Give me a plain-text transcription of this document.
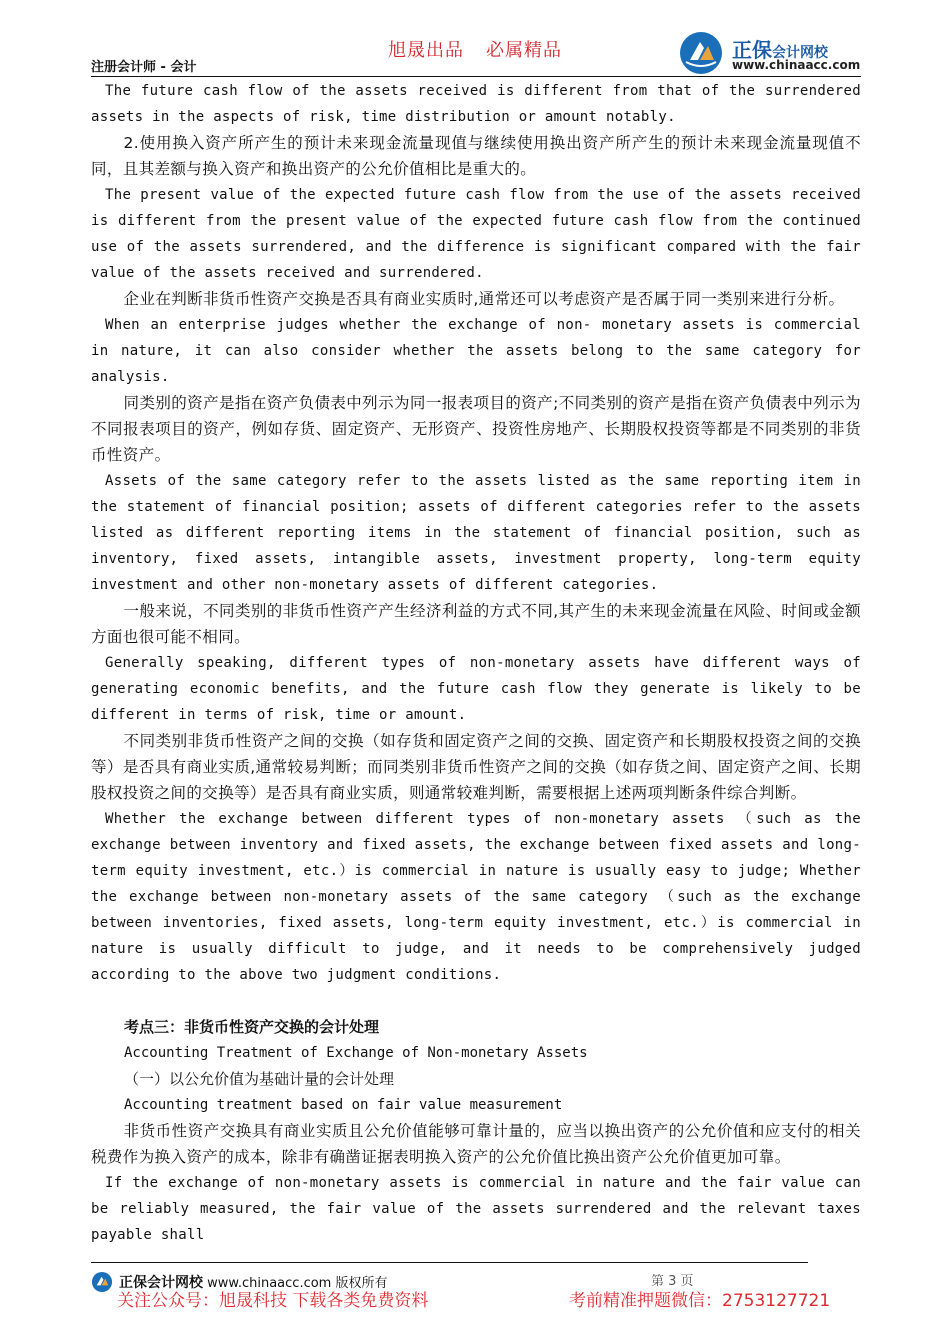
旭晟出品 必属精品
注册会计师 - 会计
正保会计网校
www.chinaacc.com

The future cash flow of the assets received is different from that of the surrendered assets in the aspects of risk, time distribution or amount notably.

2.使用换入资产所产生的预计未来现金流量现值与继续使用换出资产所产生的预计未来现金流量现值不同，且其差额与换入资产和换出资产的公允价值相比是重大的。

The present value of the expected future cash flow from the use of the assets received is different from the present value of the expected future cash flow from the continued use of the assets surrendered, and the difference is significant compared with the fair value of the assets received and surrendered.

企业在判断非货币性资产交换是否具有商业实质时,通常还可以考虑资产是否属于同一类别来进行分析。

When an enterprise judges whether the exchange of non- monetary assets is commercial in nature, it can also consider whether the assets belong to the same category for analysis.

同类别的资产是指在资产负债表中列示为同一报表项目的资产;不同类别的资产是指在资产负债表中列示为不同报表项目的资产，例如存货、固定资产、无形资产、投资性房地产、长期股权投资等都是不同类别的非货币性资产。

Assets of the same category refer to the assets listed as the same reporting item in the statement of financial position; assets of different categories refer to the assets listed as different reporting items in the statement of financial position, such as inventory, fixed assets, intangible assets, investment property, long-term equity investment and other non-monetary assets of different categories.

一般来说，不同类别的非货币性资产产生经济利益的方式不同,其产生的未来现金流量在风险、时间或金额方面也很可能不相同。

Generally speaking, different types of non-monetary assets have different ways of generating economic benefits, and the future cash flow they generate is likely to be different in terms of risk, time or amount.

不同类别非货币性资产之间的交换（如存货和固定资产之间的交换、固定资产和长期股权投资之间的交换等）是否具有商业实质,通常较易判断；而同类别非货币性资产之间的交换（如存货之间、固定资产之间、长期股权投资之间的交换等）是否具有商业实质，则通常较难判断，需要根据上述两项判断条件综合判断。

Whether the exchange between different types of non-monetary assets （such as the exchange between inventory and fixed assets, the exchange between fixed assets and long-term equity investment, etc.）is commercial in nature is usually easy to judge; Whether the exchange between non-monetary assets of the same category （such as the exchange between inventories, fixed assets, long-term equity investment, etc.）is commercial in nature is usually difficult to judge, and it needs to be comprehensively judged according to the above two judgment conditions.

考点三：非货币性资产交换的会计处理

Accounting Treatment of Exchange of Non-monetary Assets

（一）以公允价值为基础计量的会计处理

Accounting treatment based on fair value measurement

非货币性资产交换具有商业实质且公允价值能够可靠计量的，应当以换出资产的公允价值和应支付的相关税费作为换入资产的成本，除非有确凿证据表明换入资产的公允价值比换出资产公允价值更加可靠。

If the exchange of non-monetary assets is commercial in nature and the fair value can be reliably measured, the fair value of the assets surrendered and the relevant taxes payable shall

正保会计网校 www.chinaacc.com 版权所有	第 3 页
关注公众号：旭晟科技 下载各类免费资料	考前精准押题微信：2753127721
